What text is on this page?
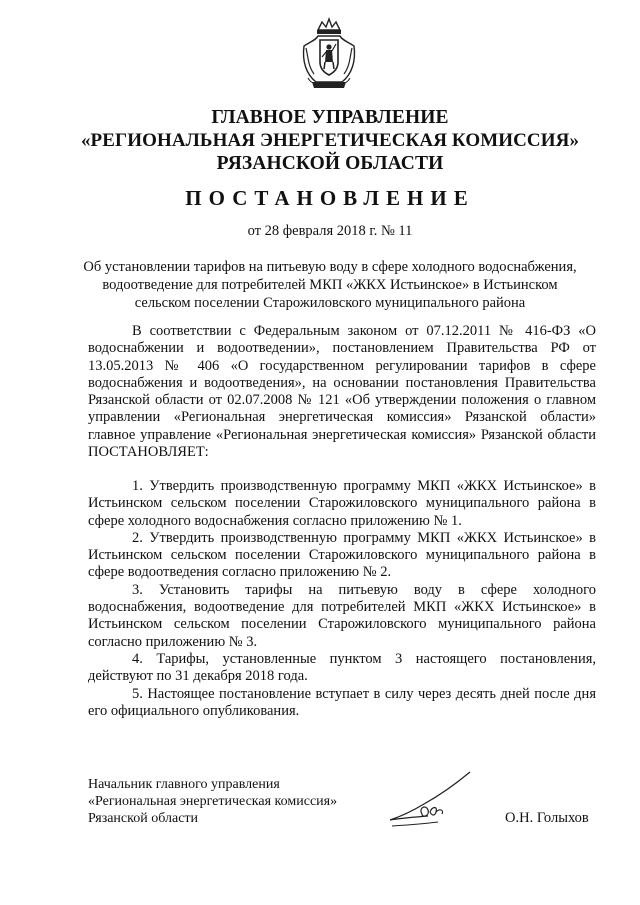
ГЛАВНОЕ УПРАВЛЕНИЕ
«РЕГИОНАЛЬНАЯ ЭНЕРГЕТИЧЕСКАЯ КОМИССИЯ»
РЯЗАНСКОЙ ОБЛАСТИ
ПОСТАНОВЛЕНИЕ
от 28 февраля 2018 г. № 11
Об установлении тарифов на питьевую воду в сфере холодного водоснабжения,
водоотведение для потребителей МКП «ЖКХ Истьинское» в Истьинском
сельском поселении Старожиловского муниципального района
В соответствии с Федеральным законом от 07.12.2011 № 416-ФЗ «О водоснабжении и водоотведении», постановлением Правительства РФ от 13.05.2013 № 406 «О государственном регулировании тарифов в сфере водоснабжения и водоотведения», на основании постановления Правительства Рязанской области от 02.07.2008 № 121 «Об утверждении положения о главном управлении «Региональная энергетическая комиссия» Рязанской области» главное управление «Региональная энергетическая комиссия» Рязанской области ПОСТАНОВЛЯЕТ:

1. Утвердить производственную программу МКП «ЖКХ Истьинское» в Истьинском сельском поселении Старожиловского муниципального района в сфере холодного водоснабжения согласно приложению № 1.

2. Утвердить производственную программу МКП «ЖКХ Истьинское» в Истьинском сельском поселении Старожиловского муниципального района в сфере водоотведения согласно приложению № 2.

3. Установить тарифы на питьевую воду в сфере холодного водоснабжения, водоотведение для потребителей МКП «ЖКХ Истьинское» в Истьинском сельском поселении Старожиловского муниципального района согласно приложению № 3.

4. Тарифы, установленные пунктом 3 настоящего постановления, действуют по 31 декабря 2018 года.

5. Настоящее постановление вступает в силу через десять дней после дня его официального опубликования.

Начальник главного управления
«Региональная энергетическая комиссия»
Рязанской области	О.Н. Голыхов
